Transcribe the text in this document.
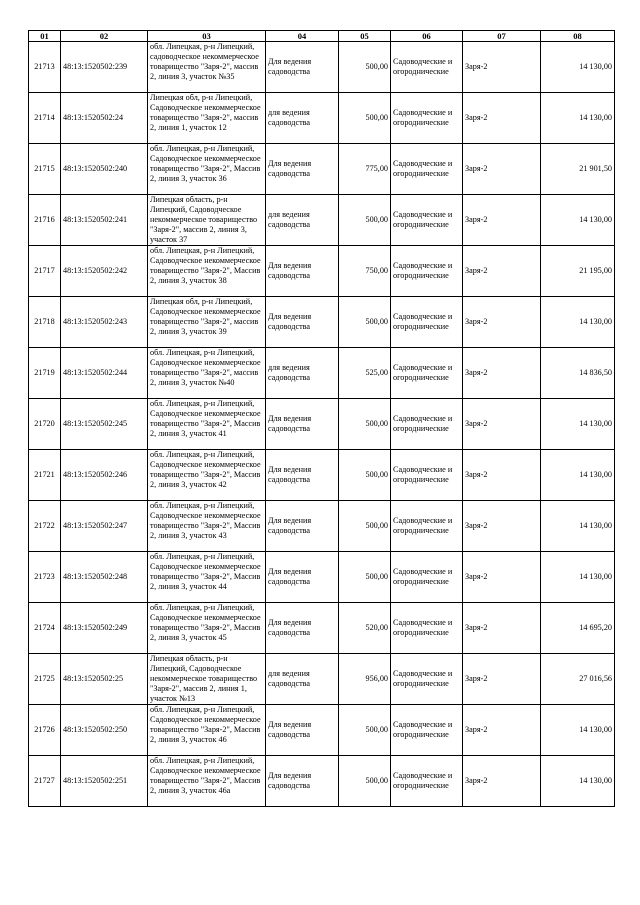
01	02	03	04	05	06	07	08
21713	48:13:1520502:239	обл. Липецкая, р-н Липецкий, садоводческое некоммерческое товарищество "Заря-2", массив 2, линия 3, участок №35	Для ведения садоводства	500,00	Садоводческие и огороднические	Заря-2	14 130,00
21714	48:13:1520502:24	Липецкая обл, р-н Липецкий, Садоводческое некоммерческое товарищество "Заря-2", массив 2, линия 1, участок 12	для ведения садоводства	500,00	Садоводческие и огороднические	Заря-2	14 130,00
21715	48:13:1520502:240	обл. Липецкая, р-н Липецкий, Садоводческое некоммерческое товарищество "Заря-2", Массив 2, линия 3, участок 36	Для ведения садоводства	775,00	Садоводческие и огороднические	Заря-2	21 901,50
21716	48:13:1520502:241	Липецкая область, р-н Липецкий, Садоводческое некоммерческое товарищество "Заря-2", массив 2, линия 3, участок 37	для ведения садоводства	500,00	Садоводческие и огороднические	Заря-2	14 130,00
21717	48:13:1520502:242	обл. Липецкая, р-н Липецкий, Садоводческое некоммерческое товарищество "Заря-2", Массив 2, линия 3, участок 38	Для ведения садоводства	750,00	Садоводческие и огороднические	Заря-2	21 195,00
21718	48:13:1520502:243	Липецкая обл, р-н Липецкий, Садоводческое некоммерческое товарищество "Заря-2", массив 2, линия 3, участок 39	Для ведения садоводства	500,00	Садоводческие и огороднические	Заря-2	14 130,00
21719	48:13:1520502:244	обл. Липецкая, р-н Липецкий, Садоводческое некоммерческое товарищество "Заря-2", массив 2, линия 3, участок №40	для ведения садоводства	525,00	Садоводческие и огороднические	Заря-2	14 836,50
21720	48:13:1520502:245	обл. Липецкая, р-н Липецкий, Садоводческое некоммерческое товарищество "Заря-2", Массив 2, линия 3, участок 41	Для ведения садоводства	500,00	Садоводческие и огороднические	Заря-2	14 130,00
21721	48:13:1520502:246	обл. Липецкая, р-н Липецкий, Садоводческое некоммерческое товарищество "Заря-2", Массив 2, линия 3, участок 42	Для ведения садоводства	500,00	Садоводческие и огороднические	Заря-2	14 130,00
21722	48:13:1520502:247	обл. Липецкая, р-н Липецкий, Садоводческое некоммерческое товарищество "Заря-2", Массив 2, линия 3, участок 43	Для ведения садоводства	500,00	Садоводческие и огороднические	Заря-2	14 130,00
21723	48:13:1520502:248	обл. Липецкая, р-н Липецкий, Садоводческое некоммерческое товарищество "Заря-2", Массив 2, линия 3, участок 44	Для ведения садоводства	500,00	Садоводческие и огороднические	Заря-2	14 130,00
21724	48:13:1520502:249	обл. Липецкая, р-н Липецкий, Садоводческое некоммерческое товарищество "Заря-2", Массив 2, линия 3, участок 45	Для ведения садоводства	520,00	Садоводческие и огороднические	Заря-2	14 695,20
21725	48:13:1520502:25	Липецкая область, р-н Липецкий, Садоводческое некоммерческое товарищество "Заря-2", массив 2, линия 1, участок №13	для ведения садоводства	956,00	Садоводческие и огороднические	Заря-2	27 016,56
21726	48:13:1520502:250	обл. Липецкая, р-н Липецкий, Садоводческое некоммерческое товарищество "Заря-2", Массив 2, линия 3, участок 46	Для ведения садоводства	500,00	Садоводческие и огороднические	Заря-2	14 130,00
21727	48:13:1520502:251	обл. Липецкая, р-н Липецкий, Садоводческое некоммерческое товарищество "Заря-2", Массив 2, линия 3, участок 46а	Для ведения садоводства	500,00	Садоводческие и огороднические	Заря-2	14 130,00
